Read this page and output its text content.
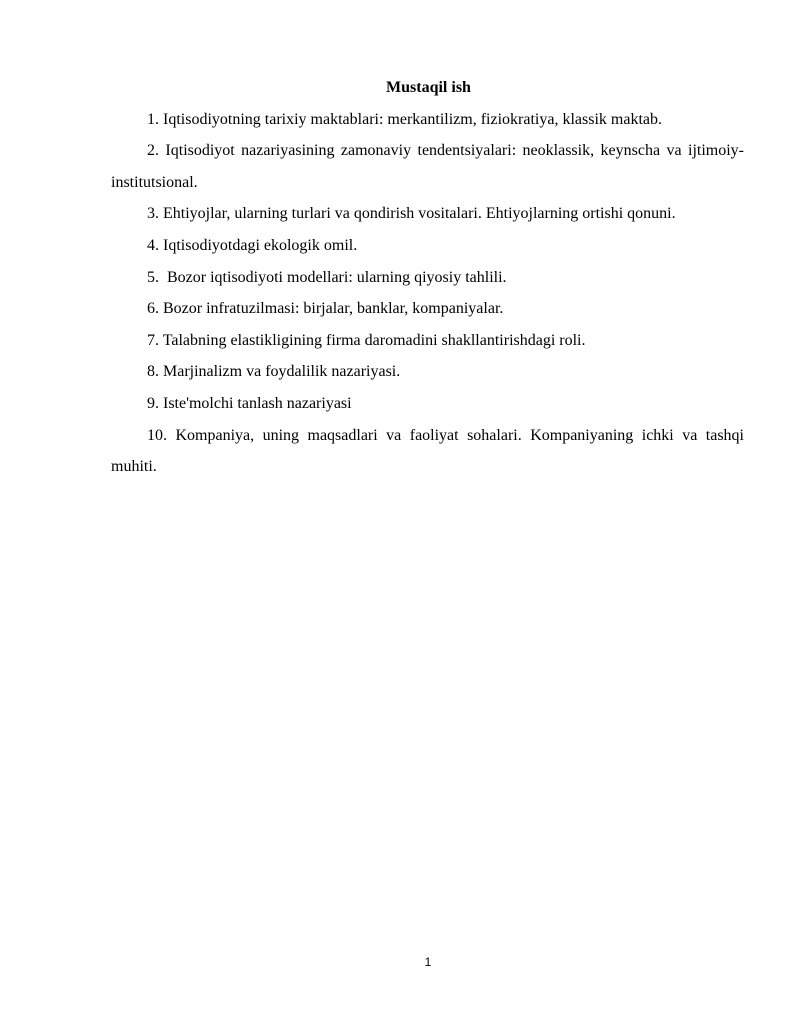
Mustaqil ish

1. Iqtisodiyotning tarixiy maktablari: merkantilizm, fiziokratiya, klassik maktab.

2. Iqtisodiyot nazariyasining zamonaviy tendentsiyalari: neoklassik, keynscha va ijtimoiy-institutsional.

3. Ehtiyojlar, ularning turlari va qondirish vositalari. Ehtiyojlarning ortishi qonuni.

4. Iqtisodiyotdagi ekologik omil.

5.  Bozor iqtisodiyoti modellari: ularning qiyosiy tahlili.

6. Bozor infratuzilmasi: birjalar, banklar, kompaniyalar.

7. Talabning elastikligining firma daromadini shakllantirishdagi roli.

8. Marjinalizm va foydalilik nazariyasi.

9. Iste'molchi tanlash nazariyasi

10. Kompaniya, uning maqsadlari va faoliyat sohalari. Kompaniyaning ichki va tashqi muhiti.

1
